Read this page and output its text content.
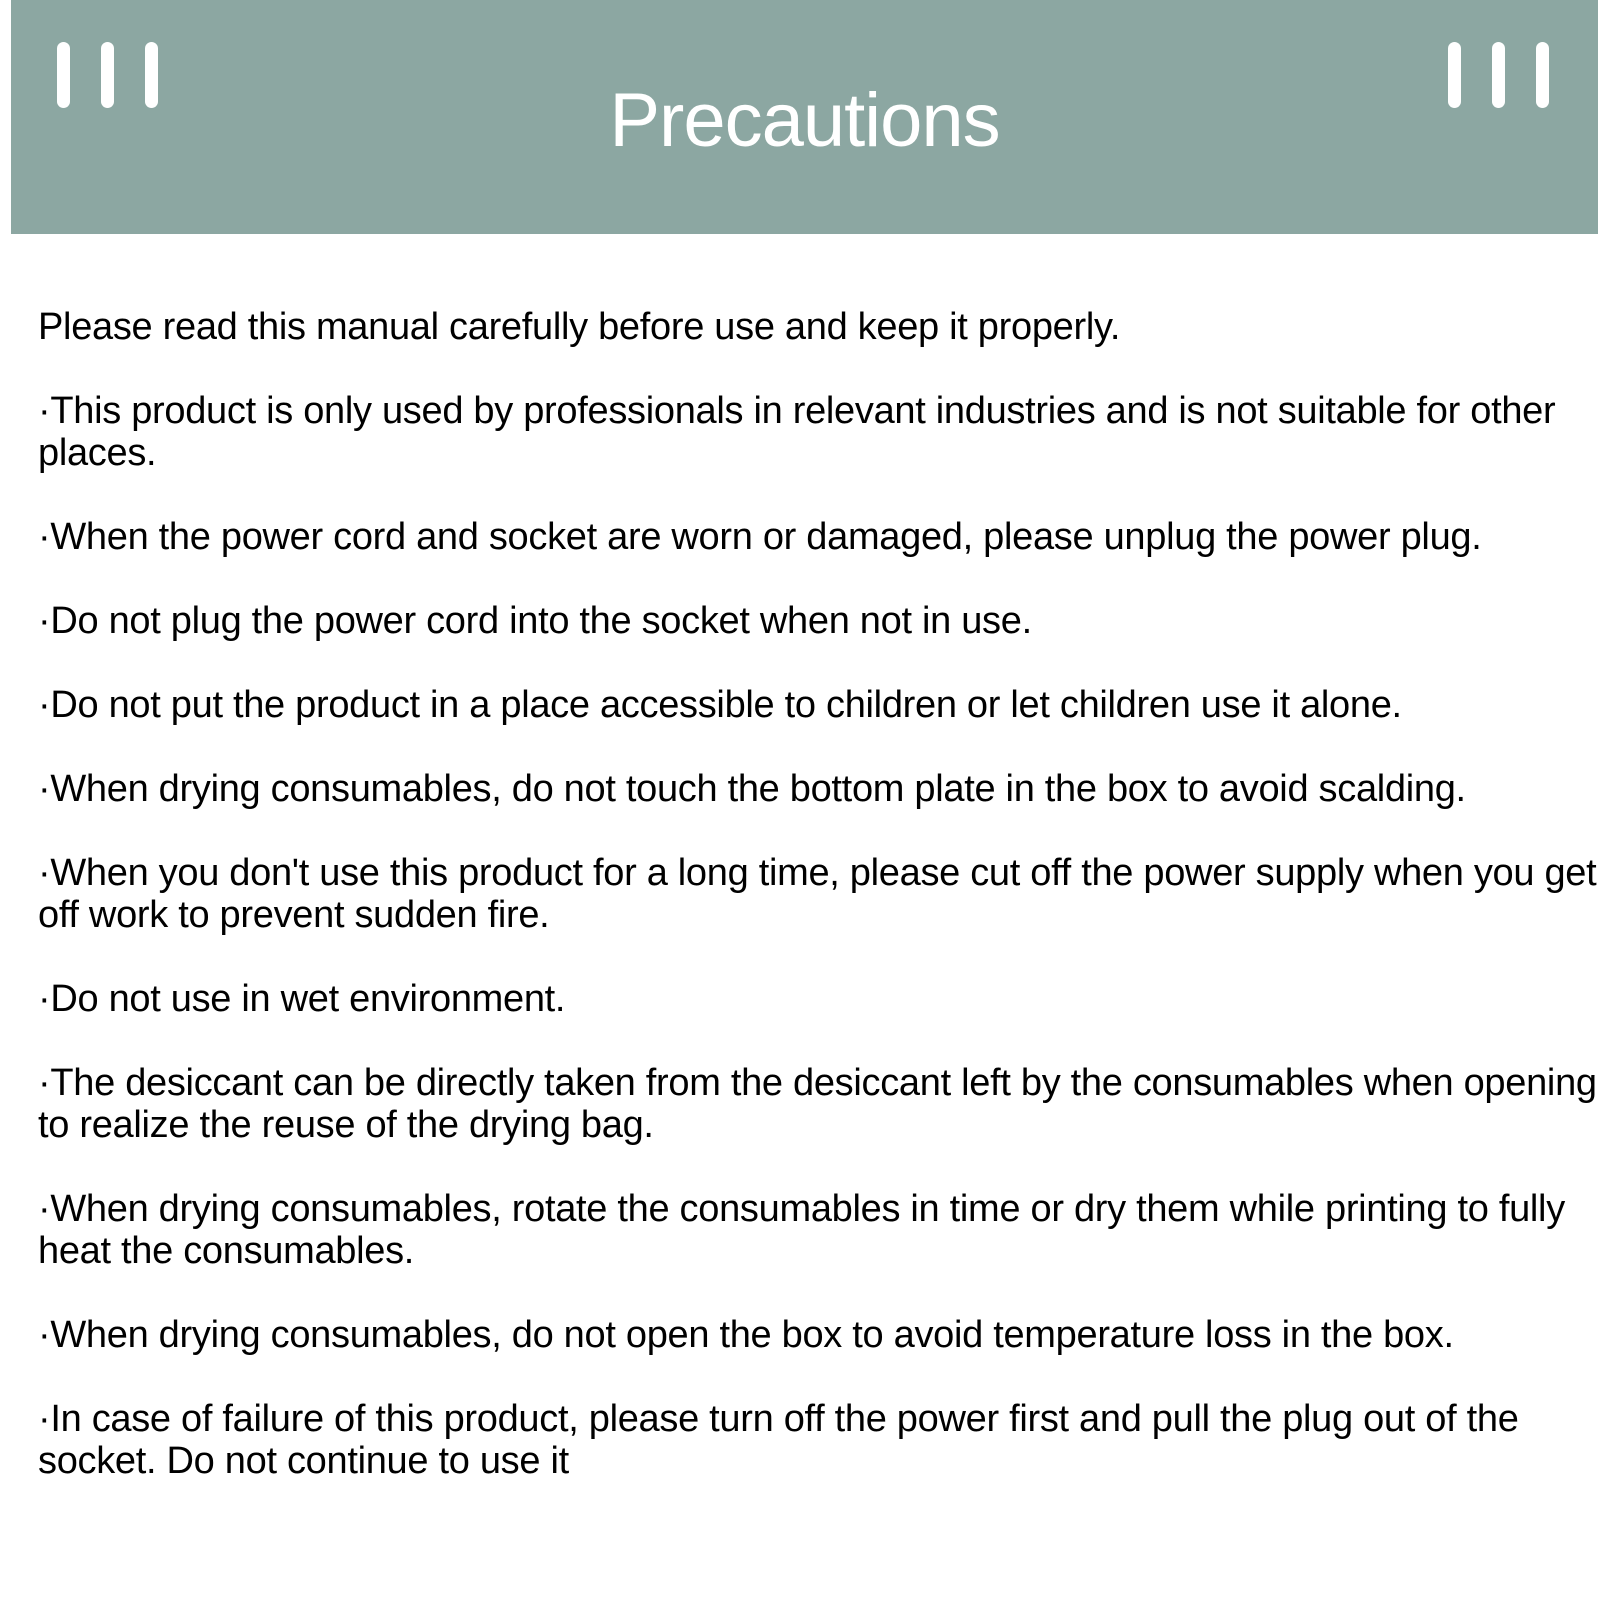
Precautions

Please read this manual carefully before use and keep it properly.

·This product is only used by professionals in relevant industries and is not suitable for other places.

·When the power cord and socket are worn or damaged, please unplug the power plug.

·Do not plug the power cord into the socket when not in use.

·Do not put the product in a place accessible to children or let children use it alone.

·When drying consumables, do not touch the bottom plate in the box to avoid scalding.

·When you don't use this product for a long time, please cut off the power supply when you get off work to prevent sudden fire.

·Do not use in wet environment.

·The desiccant can be directly taken from the desiccant left by the consumables when opening to realize the reuse of the drying bag.

·When drying consumables, rotate the consumables in time or dry them while printing to fully heat the consumables.

·When drying consumables, do not open the box to avoid temperature loss in the box.

·In case of failure of this product, please turn off the power first and pull the plug out of the socket. Do not continue to use it
